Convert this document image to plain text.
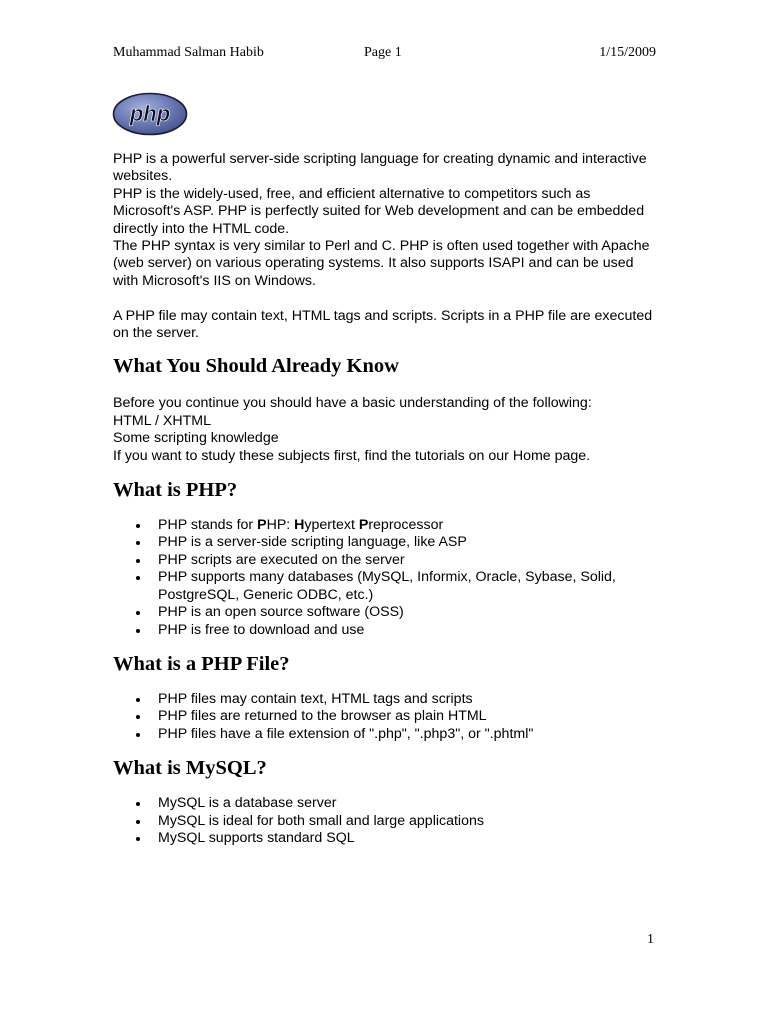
Muhammad Salman Habib	Page 1	1/15/2009
php

PHP is a powerful server-side scripting language for creating dynamic and interactive websites.

PHP is the widely-used, free, and efficient alternative to competitors such as Microsoft's ASP. PHP is perfectly suited for Web development and can be embedded directly into the HTML code.

The PHP syntax is very similar to Perl and C. PHP is often used together with Apache (web server) on various operating systems. It also supports ISAPI and can be used with Microsoft's IIS on Windows.

A PHP file may contain text, HTML tags and scripts. Scripts in a PHP file are executed on the server.

What You Should Already Know

Before you continue you should have a basic understanding of the following:

HTML / XHTML

Some scripting knowledge

If you want to study these subjects first, find the tutorials on our Home page.

What is PHP?
PHP stands for PHP: Hypertext Preprocessor
PHP is a server-side scripting language, like ASP
PHP scripts are executed on the server
PHP supports many databases (MySQL, Informix, Oracle, Sybase, Solid, PostgreSQL, Generic ODBC, etc.)
PHP is an open source software (OSS)
PHP is free to download and use
What is a PHP File?
PHP files may contain text, HTML tags and scripts
PHP files are returned to the browser as plain HTML
PHP files have a file extension of ".php", ".php3", or ".phtml"
What is MySQL?
MySQL is a database server
MySQL is ideal for both small and large applications
MySQL supports standard SQL
1
